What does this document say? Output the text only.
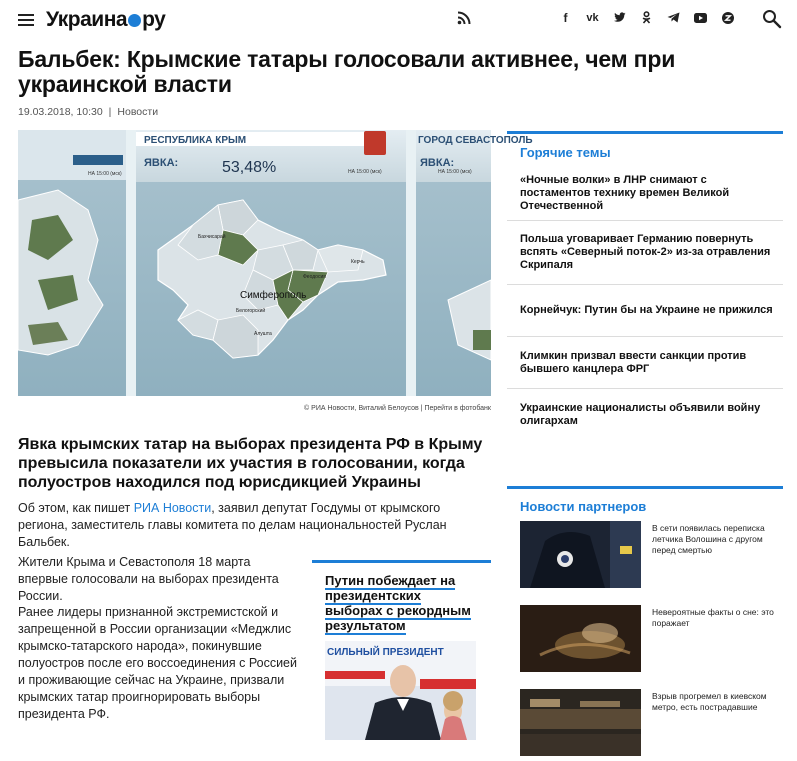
Украина ру	f	vk
Бальбек: Крымские татары голосовали активнее, чем при украинской власти
19.03.2018, 10:30 | Новости
НА 15:00 (мск)
РЕСПУБЛИКА КРЫМ
ЯВКА:	53,48%	НА 15:00 (мск)
Симферополь
Бахчисарай
Белогорский
Феодосия
Керчь
Алушта
ГОРОД СЕВАСТОПОЛЬ
ЯВКА:
НА 15:00 (мск)
© РИА Новости, Виталий Белоусов | Перейти в фотобанк
Явка крымских татар на выборах президента РФ в Крыму превысила показатели их участия в голосовании, когда полуостров находился под юрисдикцией Украины

Об этом, как пишет РИА Новости, заявил депутат Госдумы от крымского региона, заместитель главы комитета по делам национальностей Руслан Бальбек.

Жители Крыма и Севастополя 18 марта впервые голосовали на выборах президента России.

Ранее лидеры признанной экстремистской и запрещенной в России организации «Меджлис крымско-татарского народа», покинувшие полуостров после его воссоединения с Россией и проживающие сейчас на Украине, призвали крымских татар проигнорировать выборы президента РФ.

Путин побеждает на президентских выборах с рекордным результатом
СИЛЬНЫЙ ПРЕЗИДЕНТ
Горячие темы
«Ночные волки» в ЛНР снимают с постаментов технику времен Великой Отечественной
Польша уговаривает Германию повернуть вспять «Северный поток-2» из-за отравления Скрипаля
Корнейчук: Путин бы на Украине не прижился
Климкин призвал ввести санкции против бывшего канцлера ФРГ
Украинские националисты объявили войну олигархам
Новости партнеров
В сети появилась переписка летчика Волошина с другом перед смертью
Невероятные факты о сне: это поражает
Взрыв прогремел в киевском метро, есть пострадавшие
